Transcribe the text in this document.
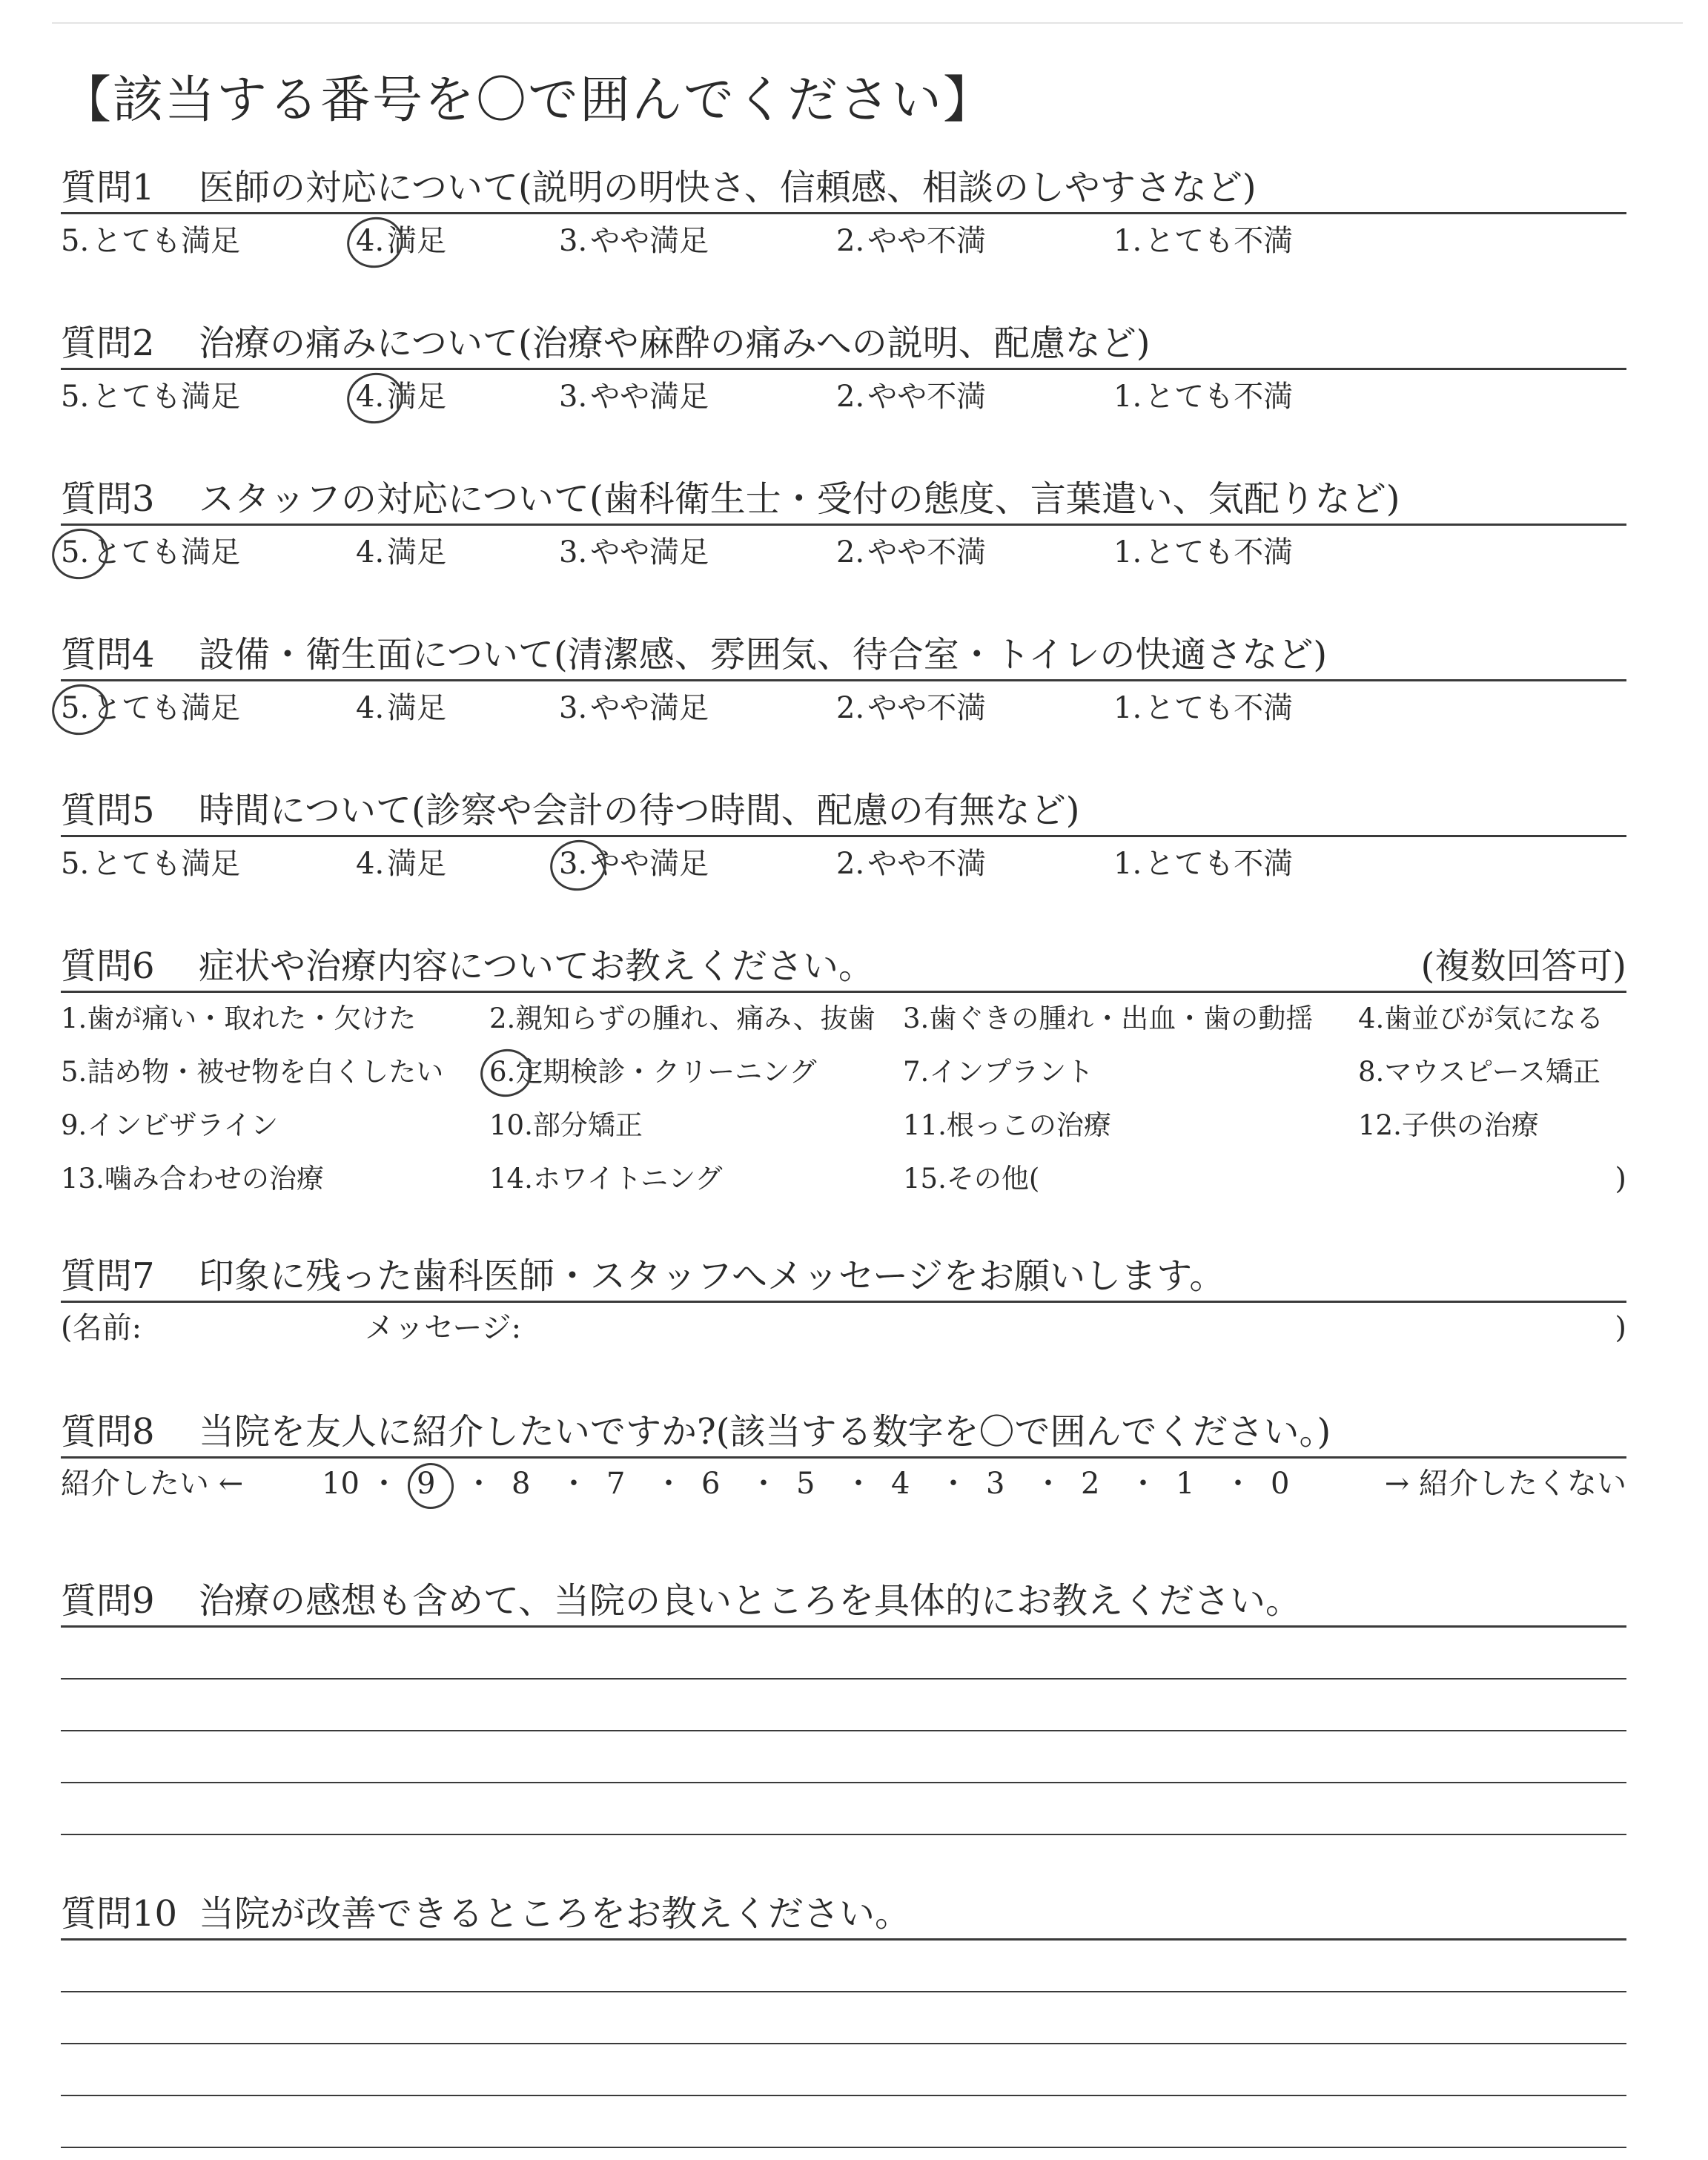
【該当する番号を〇で囲んでください】
質問1	医師の対応について(説明の明快さ、信頼感、相談のしやすさなど)
5. とても満足	4. 満足	3. やや満足	2. やや不満	1. とても不満
質問2	治療の痛みについて(治療や麻酔の痛みへの説明、配慮など)
5. とても満足	4. 満足	3. やや満足	2. やや不満	1. とても不満
質問3	スタッフの対応について(歯科衛生士・受付の態度、言葉遣い、気配りなど)
5. とても満足	4. 満足	3. やや満足	2. やや不満	1. とても不満
質問4	設備・衛生面について(清潔感、雰囲気、待合室・トイレの快適さなど)
5. とても満足	4. 満足	3. やや満足	2. やや不満	1. とても不満
質問5	時間について(診察や会計の待つ時間、配慮の有無など)
5. とても満足	4. 満足	3. やや満足	2. やや不満	1. とても不満
質問6	症状や治療内容についてお教えください。	(複数回答可)
)
1.歯が痛い・取れた・欠けた	2.親知らずの腫れ、痛み、抜歯 3.歯ぐきの腫れ・出血・歯の動揺 4.歯並びが気になる
5.詰め物・被せ物を白くしたい 6.定期検診・クリーニング	7.インプラント	8.マウスピース矯正
9.インビザライン	10.部分矯正	11.根っこの治療	12.子供の治療
13.噛み合わせの治療	14.ホワイトニング	15.その他(
質問7	印象に残った歯科医師・スタッフへメッセージをお願いします。
(名前:	メッセージ:	)
質問8	当院を友人に紹介したいですか?(該当する数字を〇で囲んでください。)
紹介したい ←	→ 紹介したくない
10 ・ 9 ・ 8 ・ 7 ・ 6 ・ 5 ・ 4 ・ 3 ・ 2 ・ 1 ・ 0
質問9	治療の感想も含めて、当院の良いところを具体的にお教えください。
質問10 当院が改善できるところをお教えください。
